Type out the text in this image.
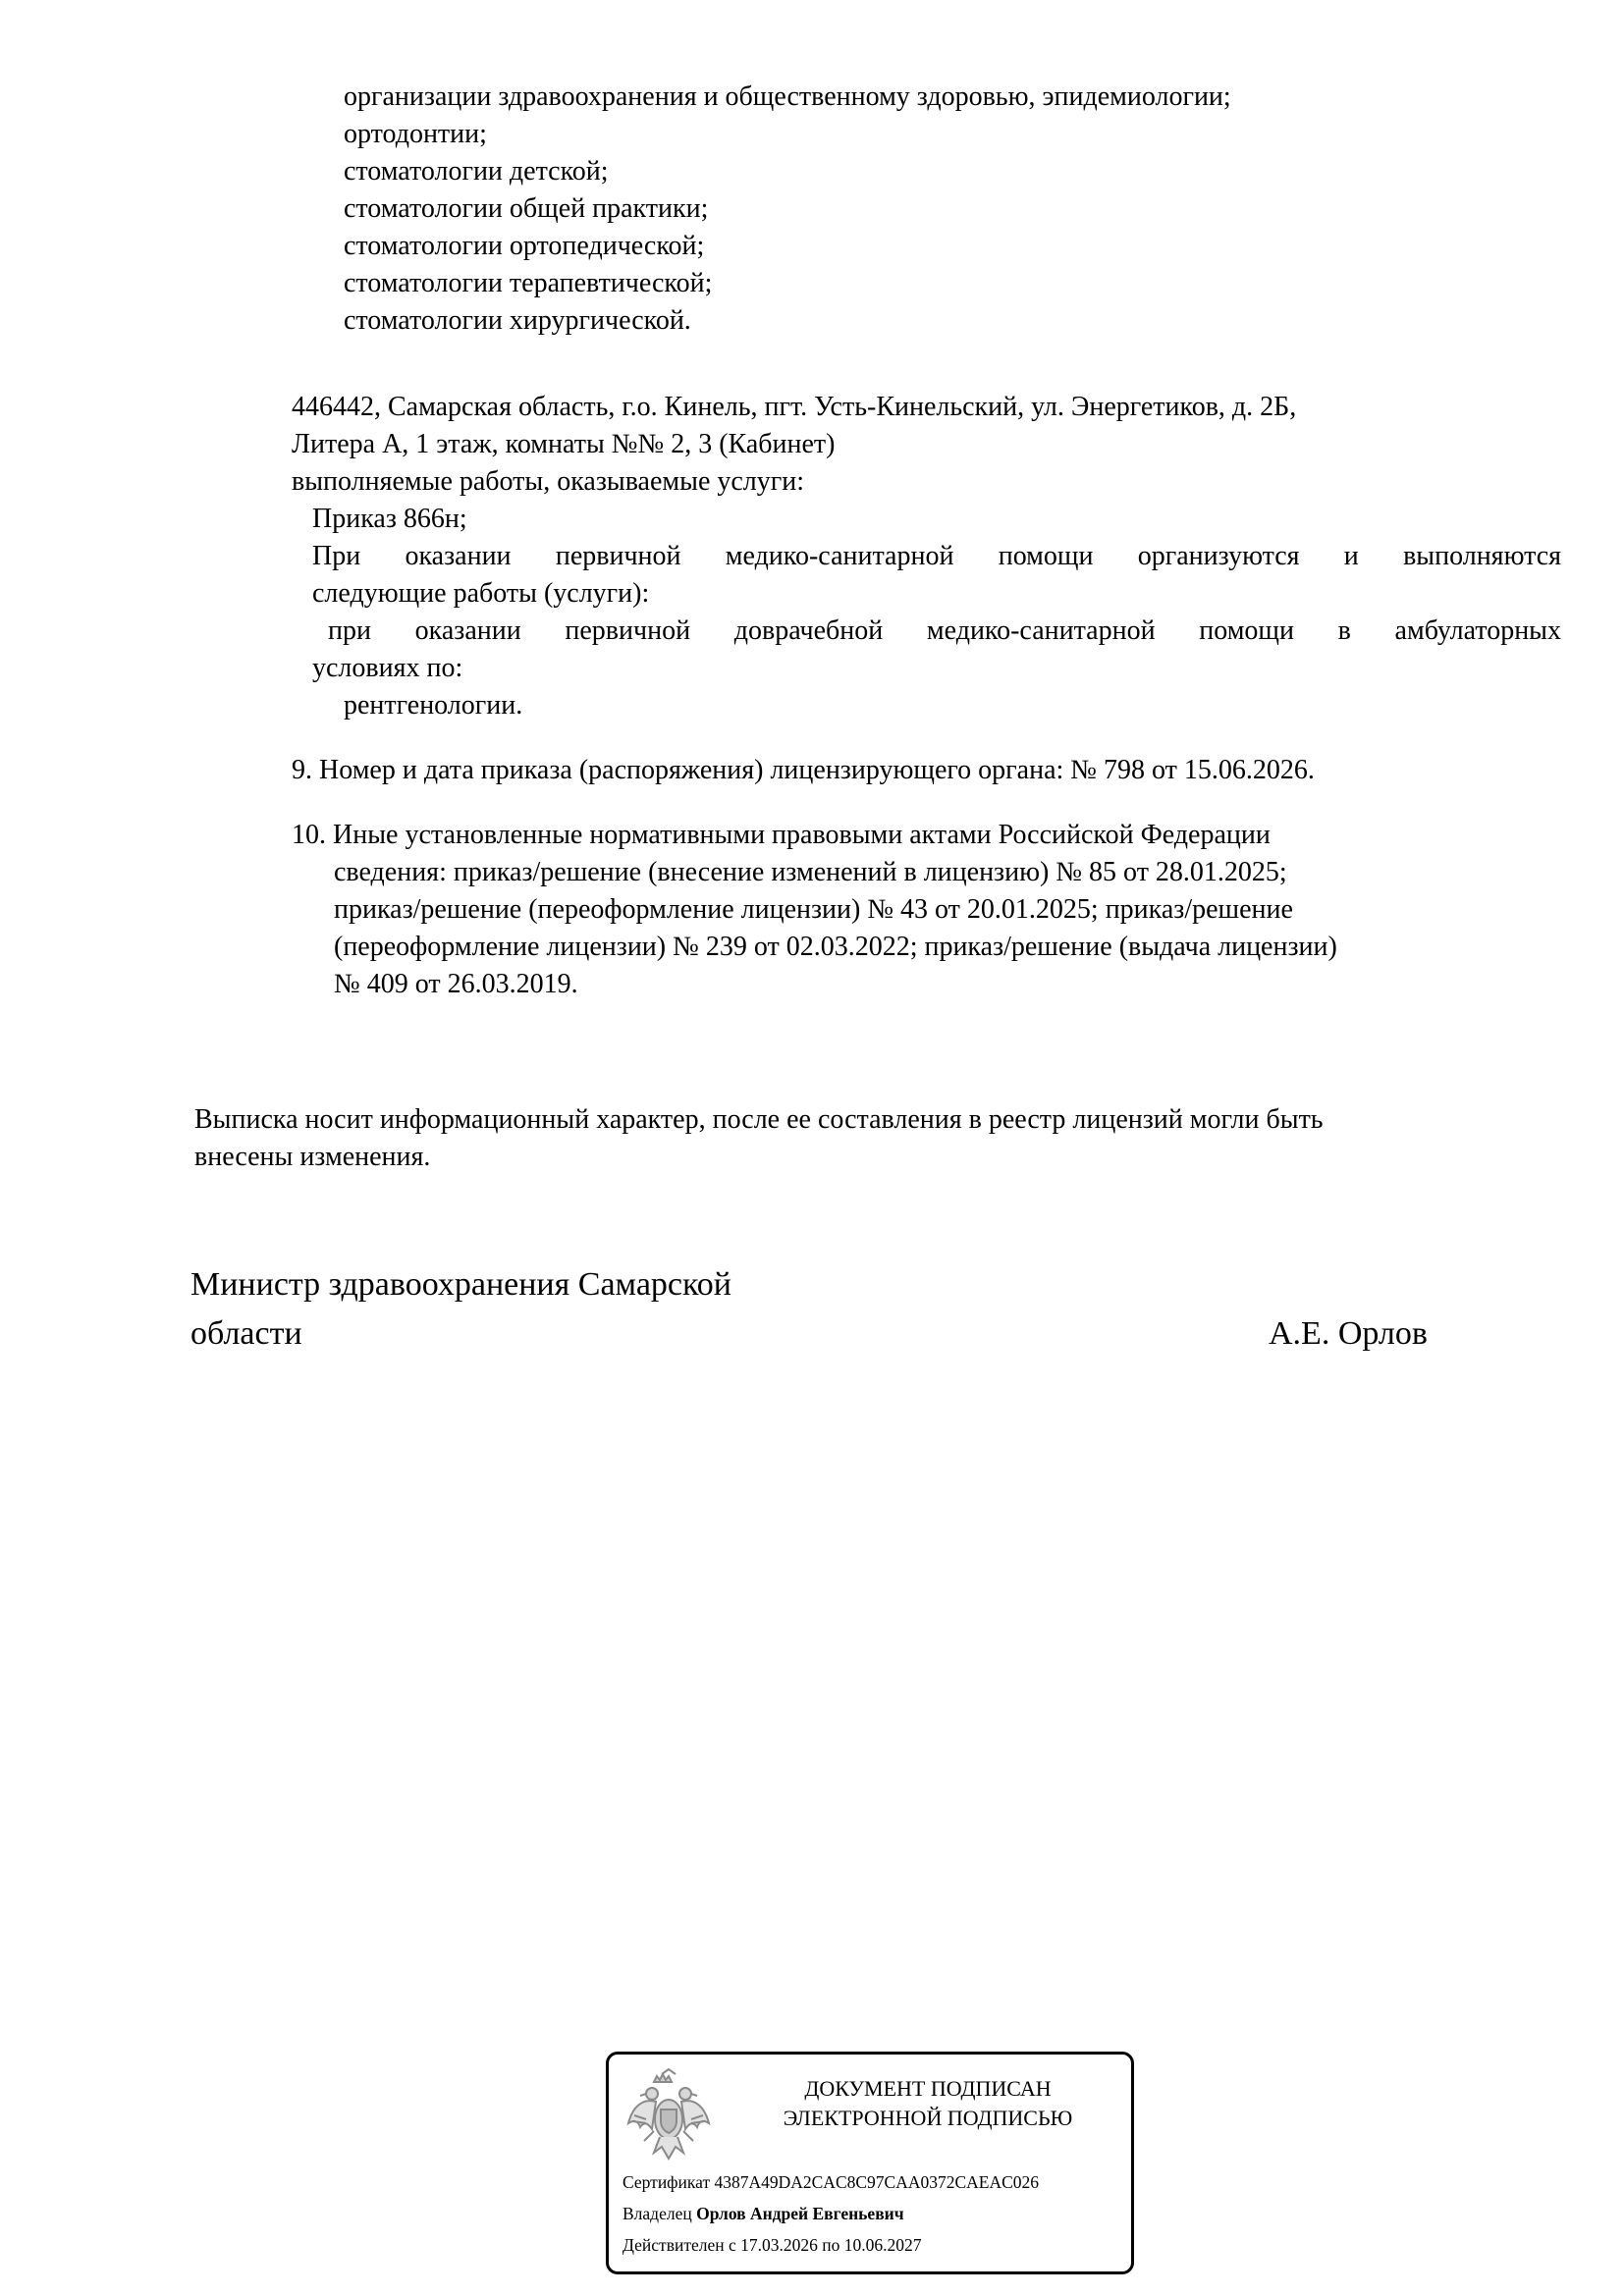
организации здравоохранения и общественному здоровью, эпидемиологии;
ортодонтии;
стоматологии детской;
стоматологии общей практики;
стоматологии ортопедической;
стоматологии терапевтической;
стоматологии хирургической.
446442, Самарская область, г.о. Кинель, пгт. Усть-Кинельский, ул. Энергетиков, д. 2Б,
Литера А, 1 этаж, комнаты №№ 2, 3 (Кабинет)
выполняемые работы, оказываемые услуги:
Приказ 866н;
При оказании первичной медико-санитарной помощи организуются и выполняются
следующие работы (услуги):
при оказании первичной доврачебной медико-санитарной помощи в амбулаторных
условиях по:
рентгенологии.
9. Номер и дата приказа (распоряжения) лицензирующего органа: № 798 от 15.06.2026.
10. Иные установленные нормативными правовыми актами Российской Федерации
сведения: приказ/решение (внесение изменений в лицензию) № 85 от 28.01.2025;
приказ/решение (переоформление лицензии) № 43 от 20.01.2025; приказ/решение
(переоформление лицензии) № 239 от 02.03.2022; приказ/решение (выдача лицензии)
№ 409 от 26.03.2019.
Выписка носит информационный характер, после ее составления в реестр лицензий могли быть
внесены изменения.
Министр здравоохранения Самарской
области	А.Е. Орлов
ДОКУМЕНТ ПОДПИСАН
ЭЛЕКТРОННОЙ ПОДПИСЬЮ
Сертификат 4387A49DA2CAC8C97CAA0372CAEAC026
Владелец Орлов Андрей Евгеньевич
Действителен с 17.03.2026 по 10.06.2027
